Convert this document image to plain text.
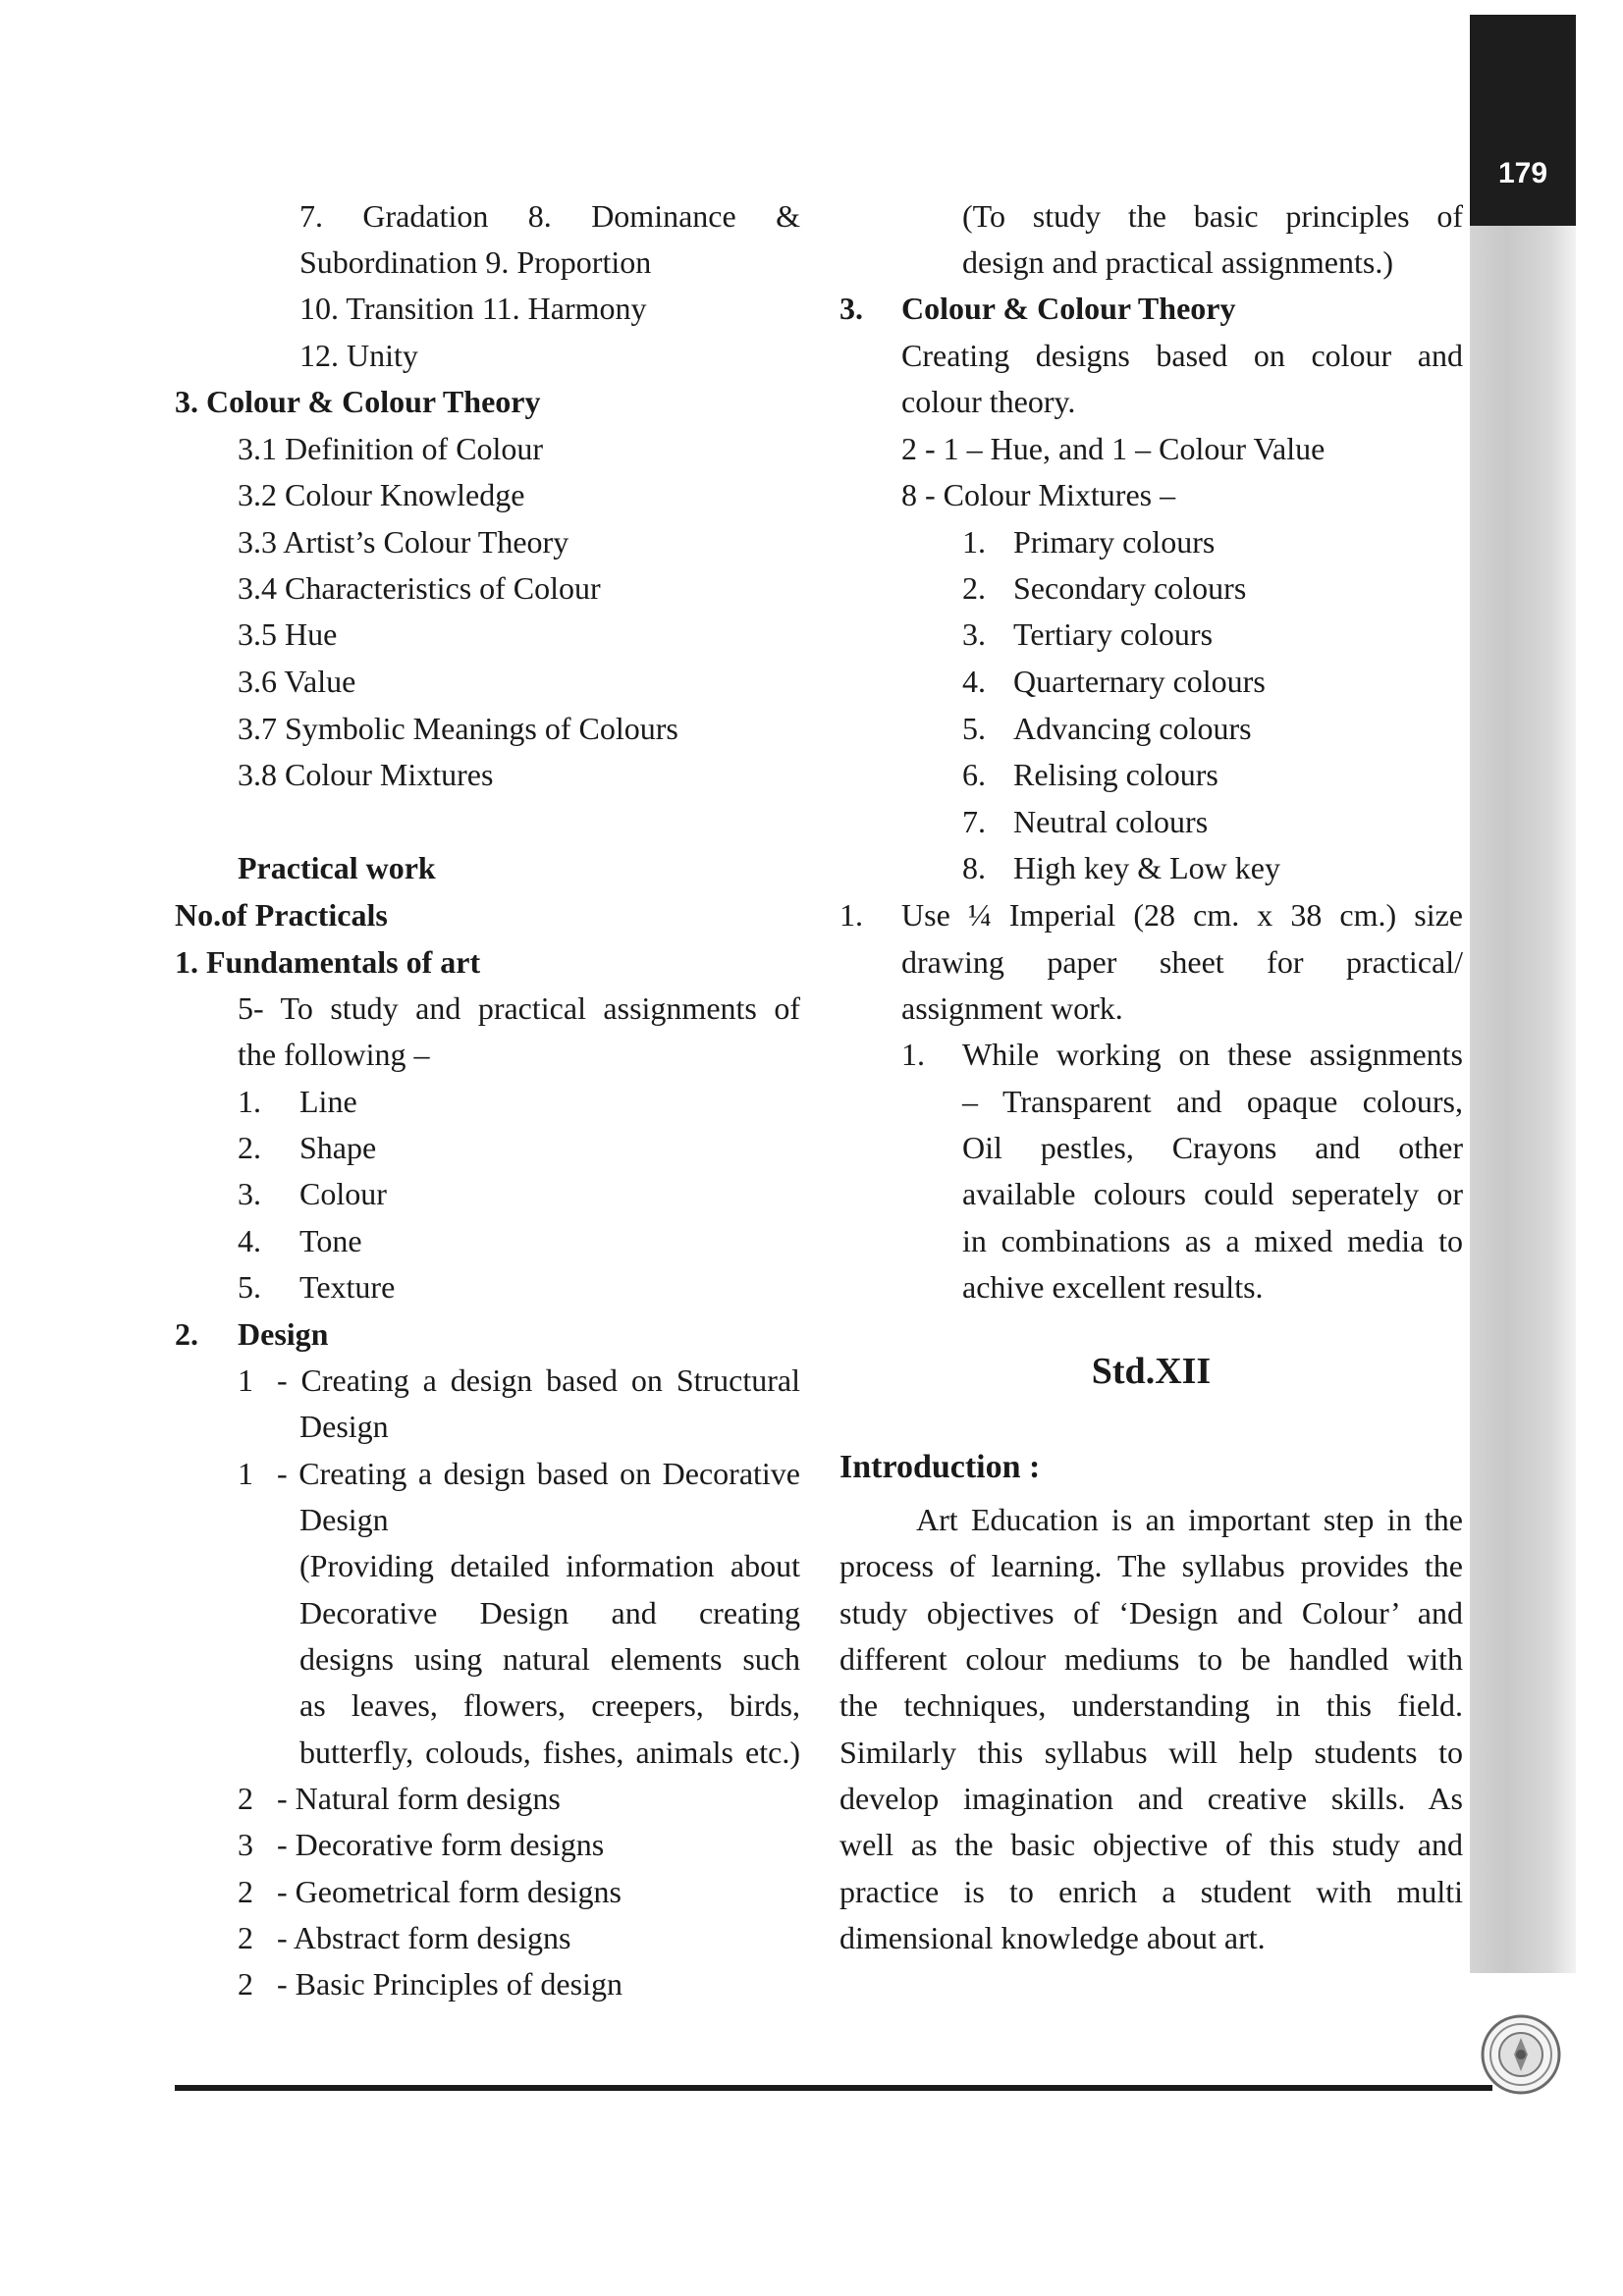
179
7. Gradation 8. Dominance &
Subordination 9. Proportion
10. Transition 11. Harmony
12. Unity
3. Colour & Colour Theory
3.1 Definition of Colour
3.2 Colour Knowledge
3.3 Artist’s Colour Theory
3.4 Characteristics of Colour
3.5 Hue
3.6 Value
3.7 Symbolic Meanings of Colours
3.8 Colour Mixtures
Practical work
No.of Practicals
1. Fundamentals of art
5- To study and practical assignments of
the following –
1. Line
2. Shape
3. Colour
4. Tone
5. Texture
2. Design
1 - Creating a design based on Structural
Design
1 - Creating a design based on Decorative
Design
(Providing detailed information about
Decorative Design and creating
designs using natural elements such
as leaves, flowers, creepers, birds,
butterfly, colouds, fishes, animals etc.)
2 - Natural form designs
3 - Decorative form designs
2 - Geometrical form designs
2 - Abstract form designs
2 - Basic Principles of design
(To study the basic principles of
design and practical assignments.)
3. Colour & Colour Theory
Creating designs based on colour and
colour theory.
2 - 1 – Hue, and 1 – Colour Value
8 - Colour Mixtures –
1. Primary colours
2. Secondary colours
3. Tertiary colours
4. Quarternary colours
5. Advancing colours
6. Relising colours
7. Neutral colours
8. High key & Low key
1. Use ¼ Imperial (28 cm. x 38 cm.) size
drawing paper sheet for practical/
assignment work.
1. While working on these assignments
– Transparent and opaque colours,
Oil pestles, Crayons and other
available colours could seperately or
in combinations as a mixed media to
achive excellent results.
Std.XII
Introduction :
Art Education is an important step in the
process of learning. The syllabus provides the
study objectives of ‘Design and Colour’ and
different colour mediums to be handled with
the techniques, understanding in this field.
Similarly this syllabus will help students to
develop imagination and creative skills. As
well as the basic objective of this study and
practice is to enrich a student with multi
dimensional knowledge about art.
